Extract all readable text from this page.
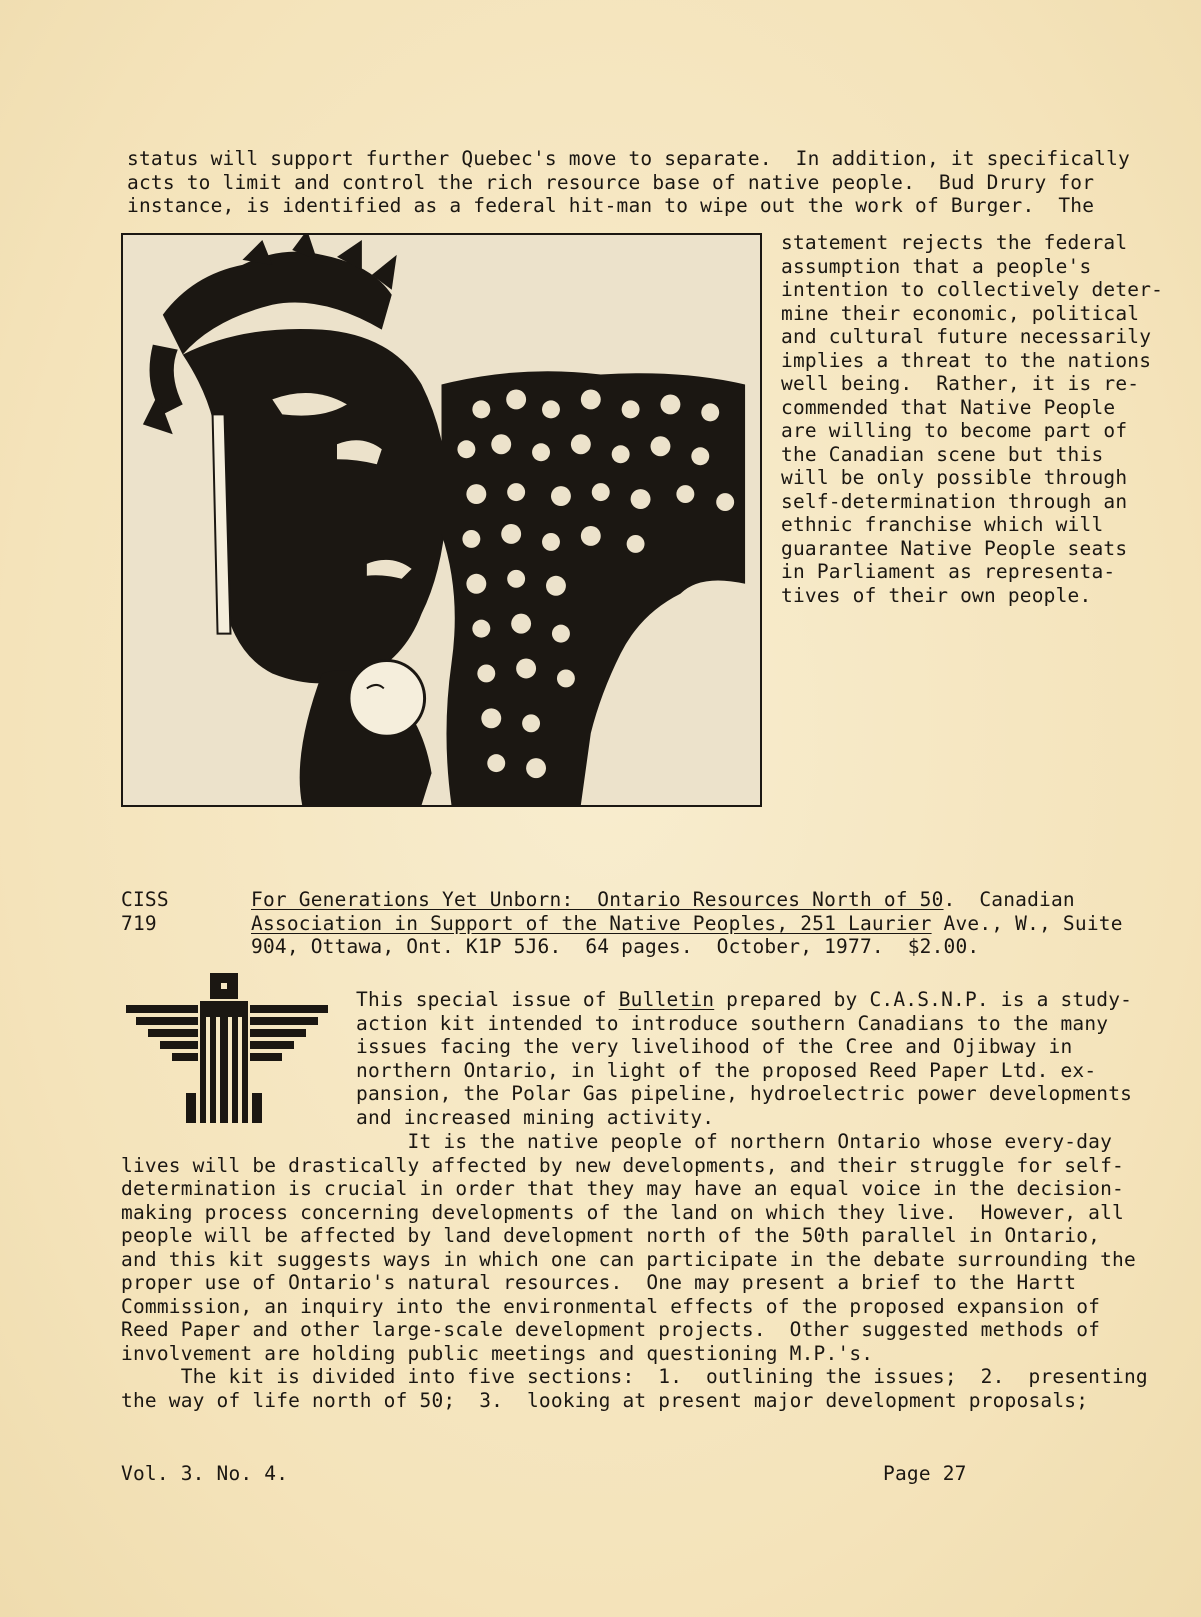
status will support further Quebec's move to separate.  In addition, it specifically
acts to limit and control the rich resource base of native people.  Bud Drury for
instance, is identified as a federal hit-man to wipe out the work of Burger.  The
statement rejects the federal
assumption that a people's
intention to collectively deter-
mine their economic, political
and cultural future necessarily
implies a threat to the nations
well being.  Rather, it is re-
commended that Native People
are willing to become part of
the Canadian scene but this
will be only possible through
self-determination through an
ethnic franchise which will
guarantee Native People seats
in Parliament as representa-
tives of their own people.
CISS
719
For Generations Yet Unborn:  Ontario Resources North of 50.  Canadian
Association in Support of the Native Peoples, 251 Laurier Ave., W., Suite
904, Ottawa, Ont. K1P 5J6.  64 pages.  October, 1977.  $2.00.
This special issue of Bulletin prepared by C.A.S.N.P. is a study-
action kit intended to introduce southern Canadians to the many
issues facing the very livelihood of the Cree and Ojibway in
northern Ontario, in light of the proposed Reed Paper Ltd. ex-
pansion, the Polar Gas pipeline, hydroelectric power developments
and increased mining activity.
It is the native people of northern Ontario whose every-day
lives will be drastically affected by new developments, and their struggle for self-
determination is crucial in order that they may have an equal voice in the decision-
making process concerning developments of the land on which they live.  However, all
people will be affected by land development north of the 50th parallel in Ontario,
and this kit suggests ways in which one can participate in the debate surrounding the
proper use of Ontario's natural resources.  One may present a brief to the Hartt
Commission, an inquiry into the environmental effects of the proposed expansion of
Reed Paper and other large-scale development projects.  Other suggested methods of
involvement are holding public meetings and questioning M.P.'s.
The kit is divided into five sections:  1.  outlining the issues;  2.  presenting
the way of life north of 50;  3.  looking at present major development proposals;
Vol. 3. No. 4.	Page 27
